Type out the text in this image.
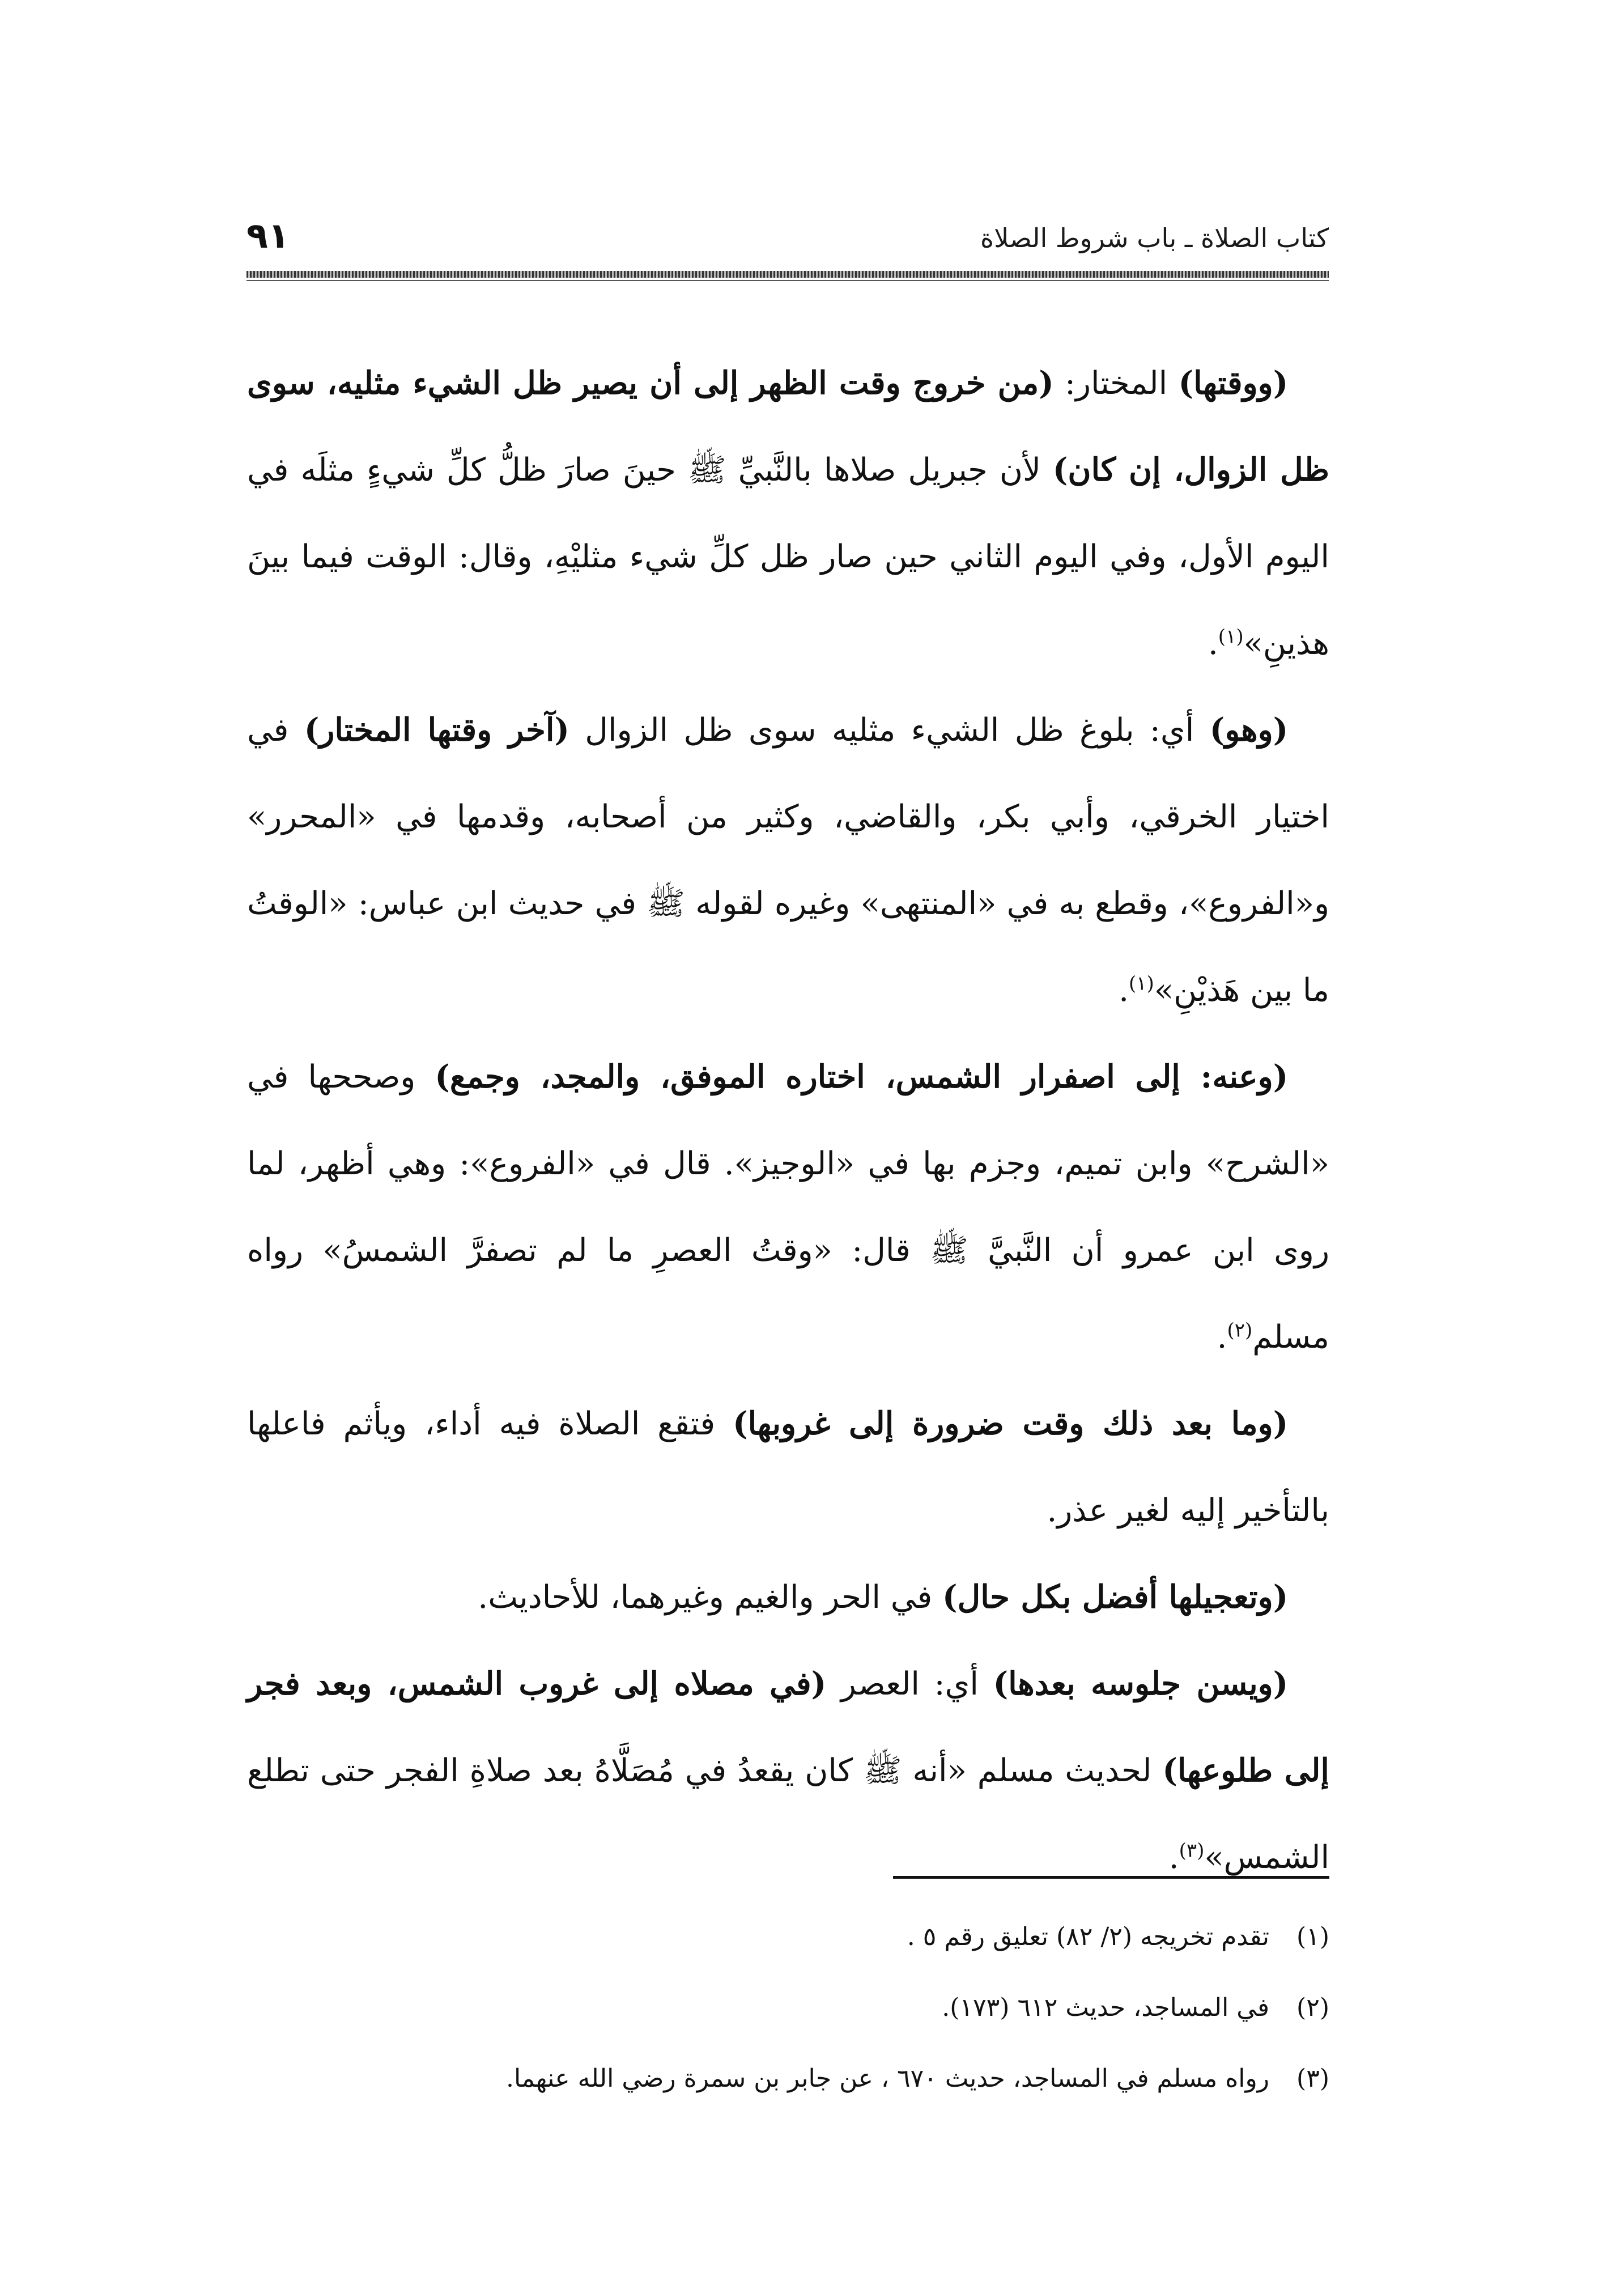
كتاب الصلاة ـ باب شروط الصلاة
٩١

(ووقتها) المختار: (من خروج وقت الظهر إلى أن يصير ظل الشيء مثليه، سوى ظل الزوال، إن كان) لأن جبريل صلاها بالنَّبيِّ ﷺ حينَ صارَ ظلُّ كلِّ شيءٍ مثلَه في اليوم الأول، وفي اليوم الثاني حين صار ظل كلِّ شيء مثليْهِ، وقال: الوقت فيما بينَ هذينِ»$^{(١)}$.

(وهو) أي: بلوغ ظل الشيء مثليه سوى ظل الزوال (آخر وقتها المختار) في اختيار الخرقي، وأبي بكر، والقاضي، وكثير من أصحابه، وقدمها في «المحرر» و«الفروع»، وقطع به في «المنتهى» وغيره لقوله ﷺ في حديث ابن عباس: «الوقتُ ما بين هَذيْنِ»$^{(١)}$.

(وعنه: إلى اصفرار الشمس، اختاره الموفق، والمجد، وجمع) وصححها في «الشرح» وابن تميم، وجزم بها في «الوجيز». قال في «الفروع»: وهي أظهر، لما روى ابن عمرو أن النَّبيَّ ﷺ قال: «وقتُ العصرِ ما لم تصفرَّ الشمسُ» رواه مسلم$^{(٢)}$.

(وما بعد ذلك وقت ضرورة إلى غروبها) فتقع الصلاة فيه أداء، ويأثم فاعلها بالتأخير إليه لغير عذر.

(وتعجيلها أفضل بكل حال) في الحر والغيم وغيرهما، للأحاديث.

(ويسن جلوسه بعدها) أي: العصر (في مصلاه إلى غروب الشمس، وبعد فجر إلى طلوعها) لحديث مسلم «أنه ﷺ كان يقعدُ في مُصَلَّاهُ بعد صلاةِ الفجر حتى تطلع الشمس»$^{(٣)}$.

(١)
تقدم تخريجه (٢/ ٨٢) تعليق رقم ٥ .
(٢)
في المساجد، حديث ٦١٢ (١٧٣).
(٣)
رواه مسلم في المساجد، حديث ٦٧٠ ، عن جابر بن سمرة رضي الله عنهما.
